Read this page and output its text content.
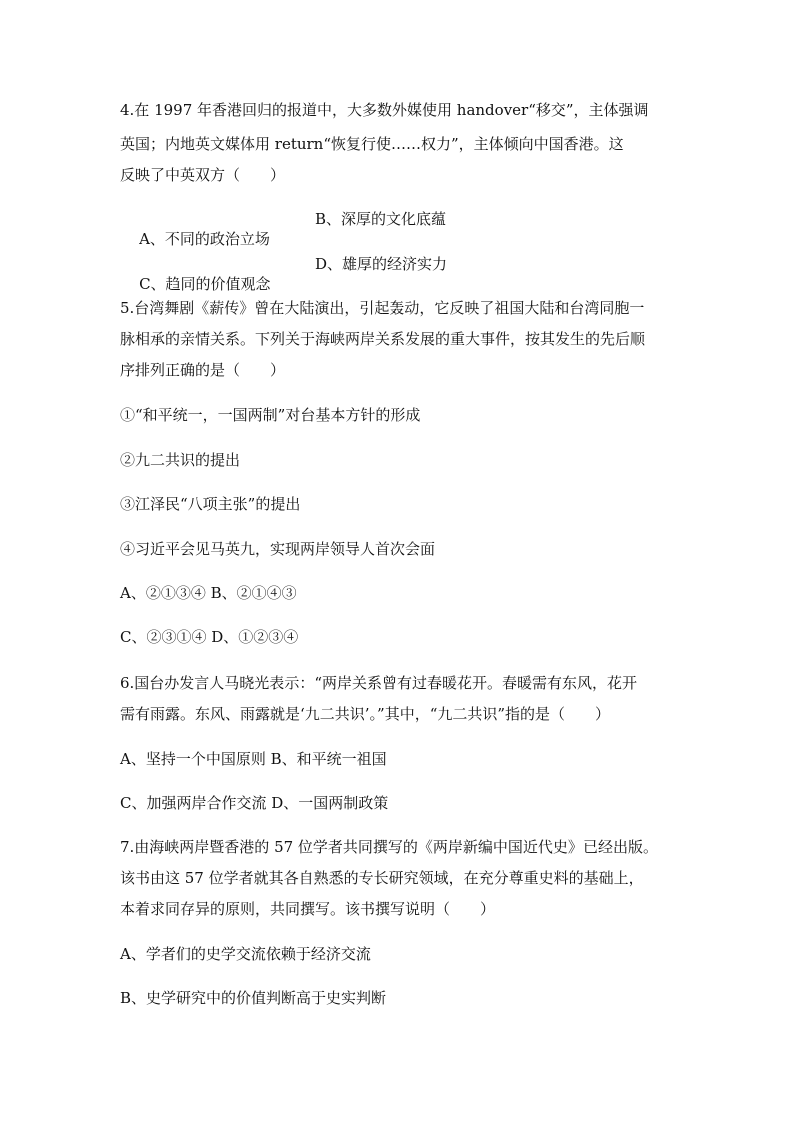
4.在 1997 年香港回归的报道中，大多数外媒使用 handover“移交”，主体强调
英国；内地英文媒体用 return“恢复行使……权力”，主体倾向中国香港。这
反映了中英双方（　　）

A、不同的政治立场

B、深厚的文化底蕴

C、趋同的价值观念

D、雄厚的经济实力

5.台湾舞剧《薪传》曾在大陆演出，引起轰动，它反映了祖国大陆和台湾同胞一
脉相承的亲情关系。下列关于海峡两岸关系发展的重大事件，按其发生的先后顺
序排列正确的是（　　）
①“和平统一，一国两制”对台基本方针的形成
②九二共识的提出
③江泽民“八项主张”的提出
④习近平会见马英九，实现两岸领导人首次会面
A、②①③④ B、②①④③
C、②③①④ D、①②③④
6.国台办发言人马晓光表示：“两岸关系曾有过春暖花开。春暖需有东风，花开
需有雨露。东风、雨露就是‘九二共识’。”其中，“九二共识”指的是（　　）
A、坚持一个中国原则 B、和平统一祖国
C、加强两岸合作交流 D、一国两制政策
7.由海峡两岸暨香港的 57 位学者共同撰写的《两岸新编中国近代史》已经出版。
该书由这 57 位学者就其各自熟悉的专长研究领域，在充分尊重史料的基础上，
本着求同存异的原则，共同撰写。该书撰写说明（　　）
A、学者们的史学交流依赖于经济交流
B、史学研究中的价值判断高于史实判断
